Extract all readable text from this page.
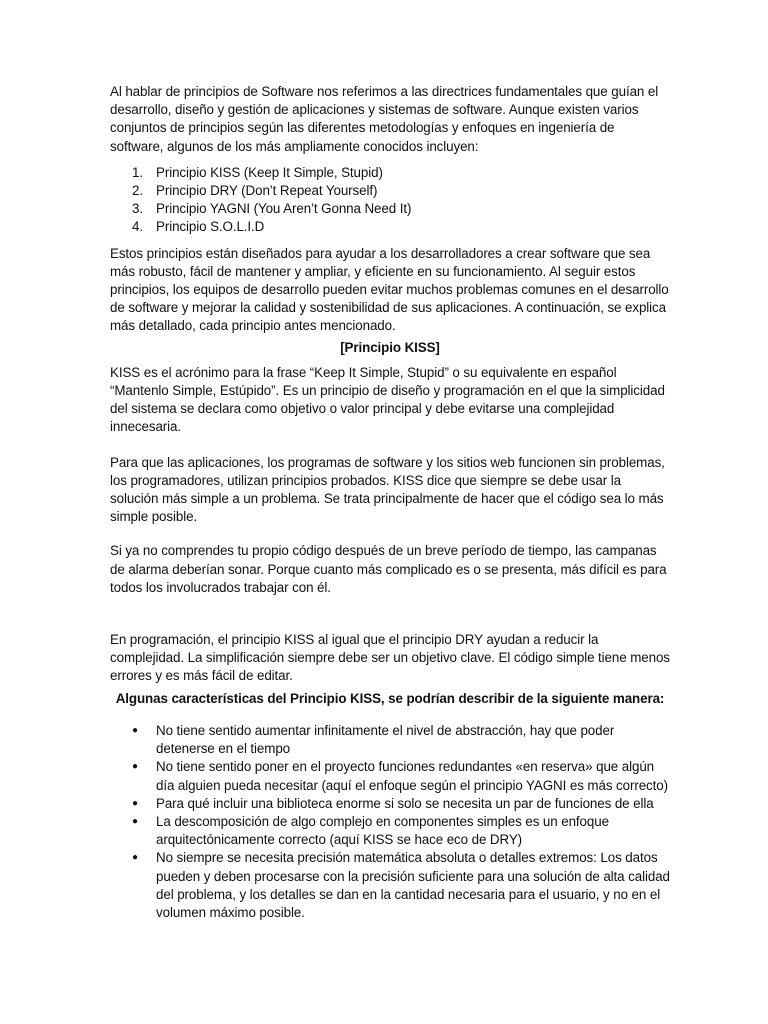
Al hablar de principios de Software nos referimos a las directrices fundamentales que guían el desarrollo, diseño y gestión de aplicaciones y sistemas de software. Aunque existen varios conjuntos de principios según las diferentes metodologías y enfoques en ingeniería de software, algunos de los más ampliamente conocidos incluyen:

1. Principio KISS (Keep It Simple, Stupid)
2. Principio DRY (Don’t Repeat Yourself)
3. Principio YAGNI (You Aren’t Gonna Need It)
4. Principio S.O.L.I.D

Estos principios están diseñados para ayudar a los desarrolladores a crear software que sea más robusto, fácil de mantener y ampliar, y eficiente en su funcionamiento. Al seguir estos principios, los equipos de desarrollo pueden evitar muchos problemas comunes en el desarrollo de software y mejorar la calidad y sostenibilidad de sus aplicaciones. A continuación, se explica más detallado, cada principio antes mencionado.

[Principio KISS]

KISS es el acrónimo para la frase “Keep It Simple, Stupid” o su equivalente en español “Mantenlo Simple, Estúpido”. Es un principio de diseño y programación en el que la simplicidad del sistema se declara como objetivo o valor principal y debe evitarse una complejidad innecesaria.

Para que las aplicaciones, los programas de software y los sitios web funcionen sin problemas, los programadores, utilizan principios probados. KISS dice que siempre se debe usar la solución más simple a un problema. Se trata principalmente de hacer que el código sea lo más simple posible.

Si ya no comprendes tu propio código después de un breve período de tiempo, las campanas de alarma deberían sonar. Porque cuanto más complicado es o se presenta, más difícil es para todos los involucrados trabajar con él.

En programación, el principio KISS al igual que el principio DRY ayudan a reducir la complejidad. La simplificación siempre debe ser un objetivo clave. El código simple tiene menos errores y es más fácil de editar.

Algunas características del Principio KISS, se podrían describir de la siguiente manera:

●	No tiene sentido aumentar infinitamente el nivel de abstracción, hay que poder detenerse en el tiempo
●	No tiene sentido poner en el proyecto funciones redundantes «en reserva» que algún día alguien pueda necesitar (aquí el enfoque según el principio YAGNI es más correcto)
●	Para qué incluir una biblioteca enorme si solo se necesita un par de funciones de ella
●	La descomposición de algo complejo en componentes simples es un enfoque arquitectónicamente correcto (aquí KISS se hace eco de DRY)
●	No siempre se necesita precisión matemática absoluta o detalles extremos: Los datos pueden y deben procesarse con la precisión suficiente para una solución de alta calidad del problema, y los detalles se dan en la cantidad necesaria para el usuario, y no en el volumen máximo posible.
